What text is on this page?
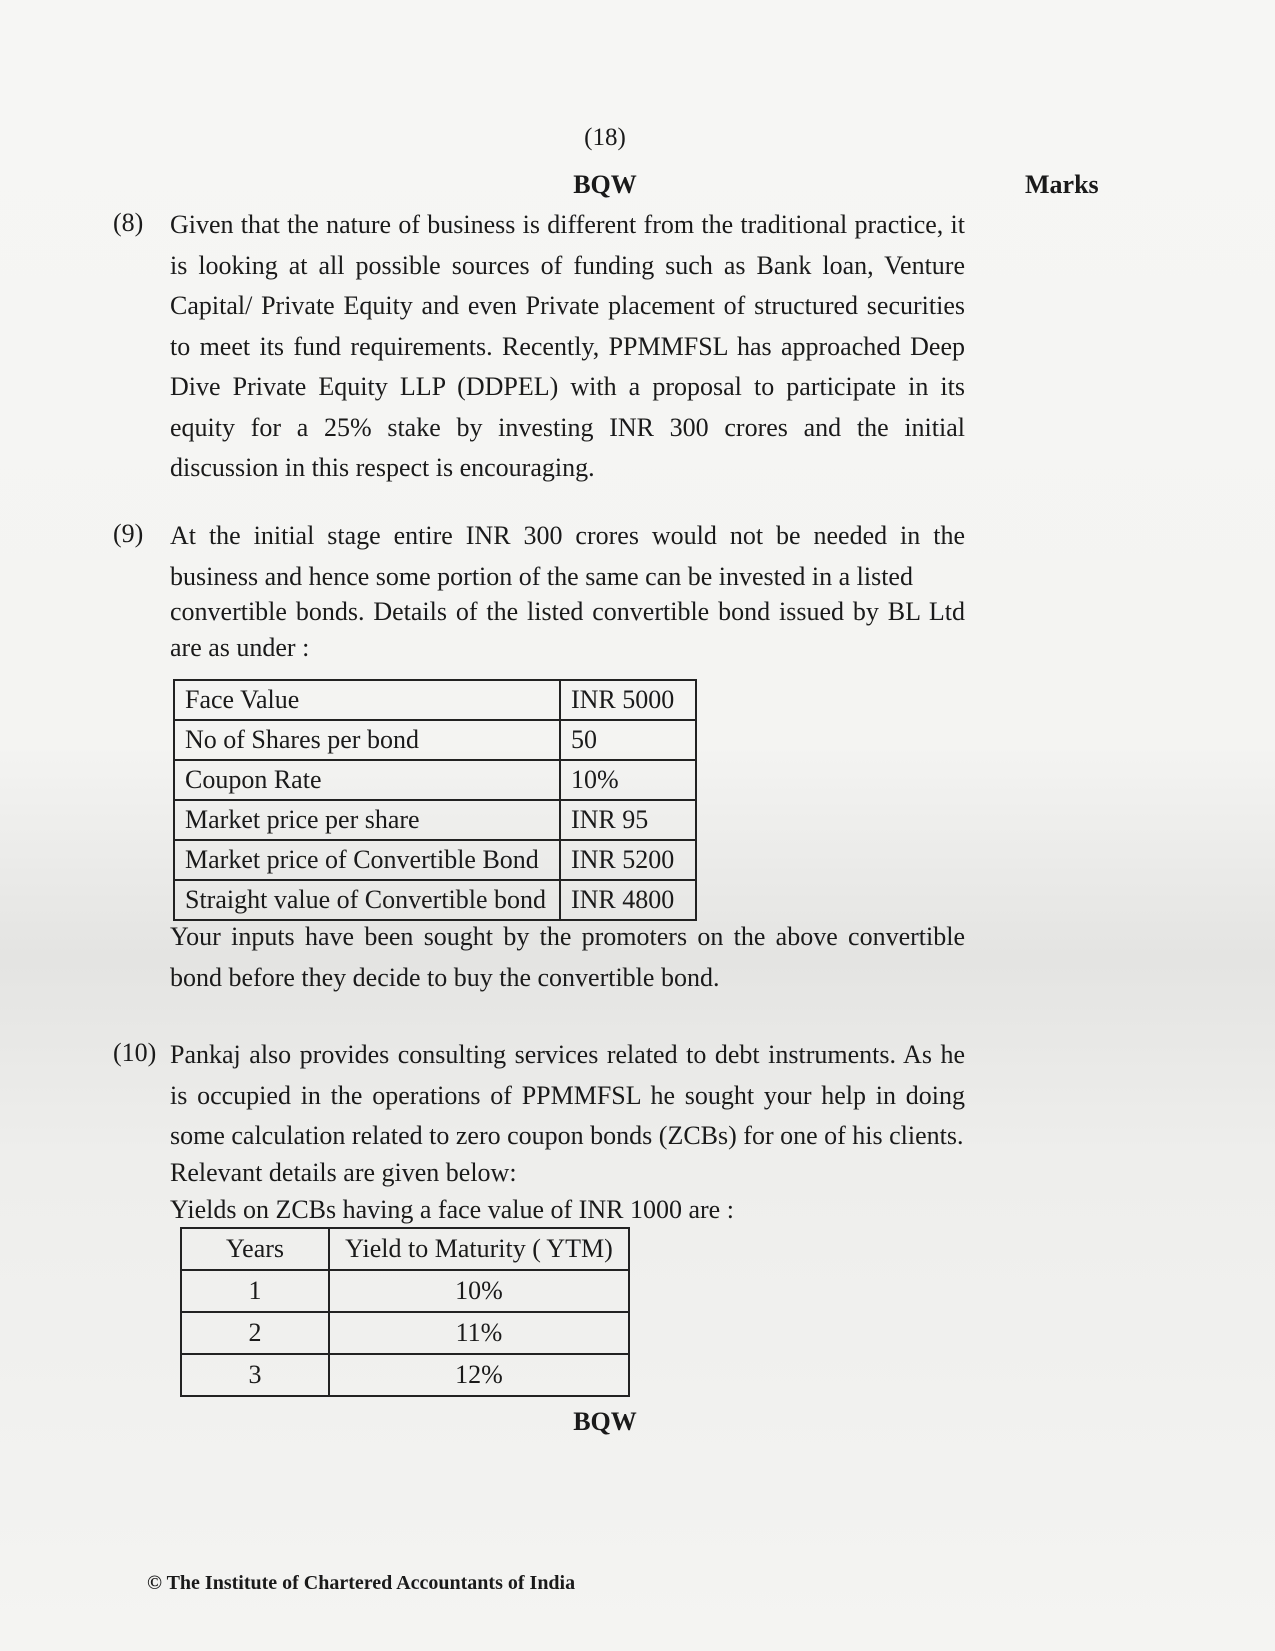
(18)
BQW	Marks
(8) Given that the nature of business is different from the traditional practice, it is looking at all possible sources of funding such as Bank loan, Venture Capital/ Private Equity and even Private placement of structured securities to meet its fund requirements. Recently, PPMMFSL has approached Deep Dive Private Equity LLP (DDPEL) with a proposal to participate in its equity for a 25% stake by investing INR 300 crores and the initial discussion in this respect is encouraging.
(9) At the initial stage entire INR 300 crores would not be needed in the business and hence some portion of the same can be invested in a listed
convertible bonds. Details of the listed convertible bond issued by BL Ltd are as under :
Face Value	INR 5000
No of Shares per bond	50
Coupon Rate	10%
Market price per share	INR 95
Market price of Convertible Bond	INR 5200
Straight value of Convertible bond	INR 4800
Your inputs have been sought by the promoters on the above convertible bond before they decide to buy the convertible bond.
(10) Pankaj also provides consulting services related to debt instruments. As he is occupied in the operations of PPMMFSL he sought your help in doing some calculation related to zero coupon bonds (ZCBs) for one of his clients.
Relevant details are given below:
Yields on ZCBs having a face value of INR 1000 are :
Years	Yield to Maturity ( YTM)
1	10%
2	11%
3	12%
BQW
© The Institute of Chartered Accountants of India
